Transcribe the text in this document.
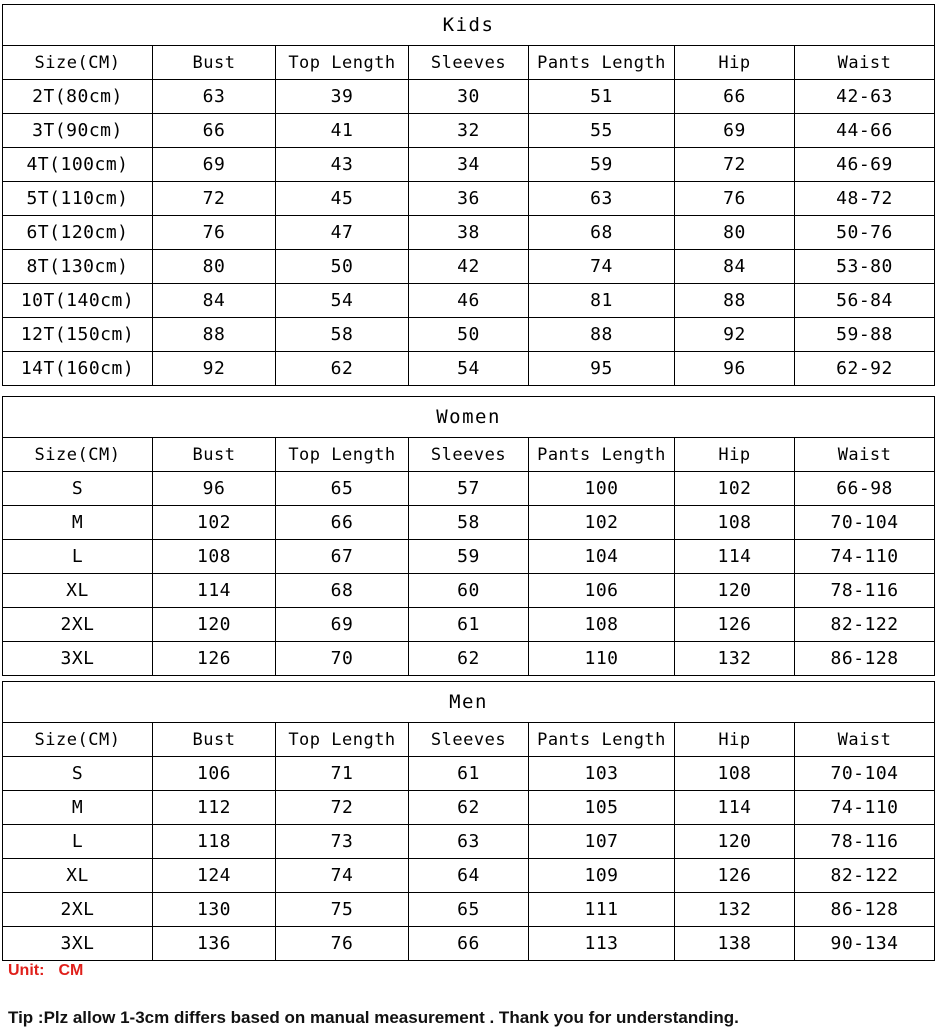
Kids						
Size(CM)	Bust	Top Length	Sleeves	Pants Length	Hip	Waist
2T(80cm)	63	39	30	51	66	42-63
3T(90cm)	66	41	32	55	69	44-66
4T(100cm)	69	43	34	59	72	46-69
5T(110cm)	72	45	36	63	76	48-72
6T(120cm)	76	47	38	68	80	50-76
8T(130cm)	80	50	42	74	84	53-80
10T(140cm)	84	54	46	81	88	56-84
12T(150cm)	88	58	50	88	92	59-88
14T(160cm)	92	62	54	95	96	62-92
Women						
Size(CM)	Bust	Top Length	Sleeves	Pants Length	Hip	Waist
S	96	65	57	100	102	66-98
M	102	66	58	102	108	70-104
L	108	67	59	104	114	74-110
XL	114	68	60	106	120	78-116
2XL	120	69	61	108	126	82-122
3XL	126	70	62	110	132	86-128
Men						
Size(CM)	Bust	Top Length	Sleeves	Pants Length	Hip	Waist
S	106	71	61	103	108	70-104
M	112	72	62	105	114	74-110
L	118	73	63	107	120	78-116
XL	124	74	64	109	126	82-122
2XL	130	75	65	111	132	86-128
3XL	136	76	66	113	138	90-134

Unit: CM

Tip :Plz allow 1-3cm differs based on manual measurement . Thank you for understanding.
